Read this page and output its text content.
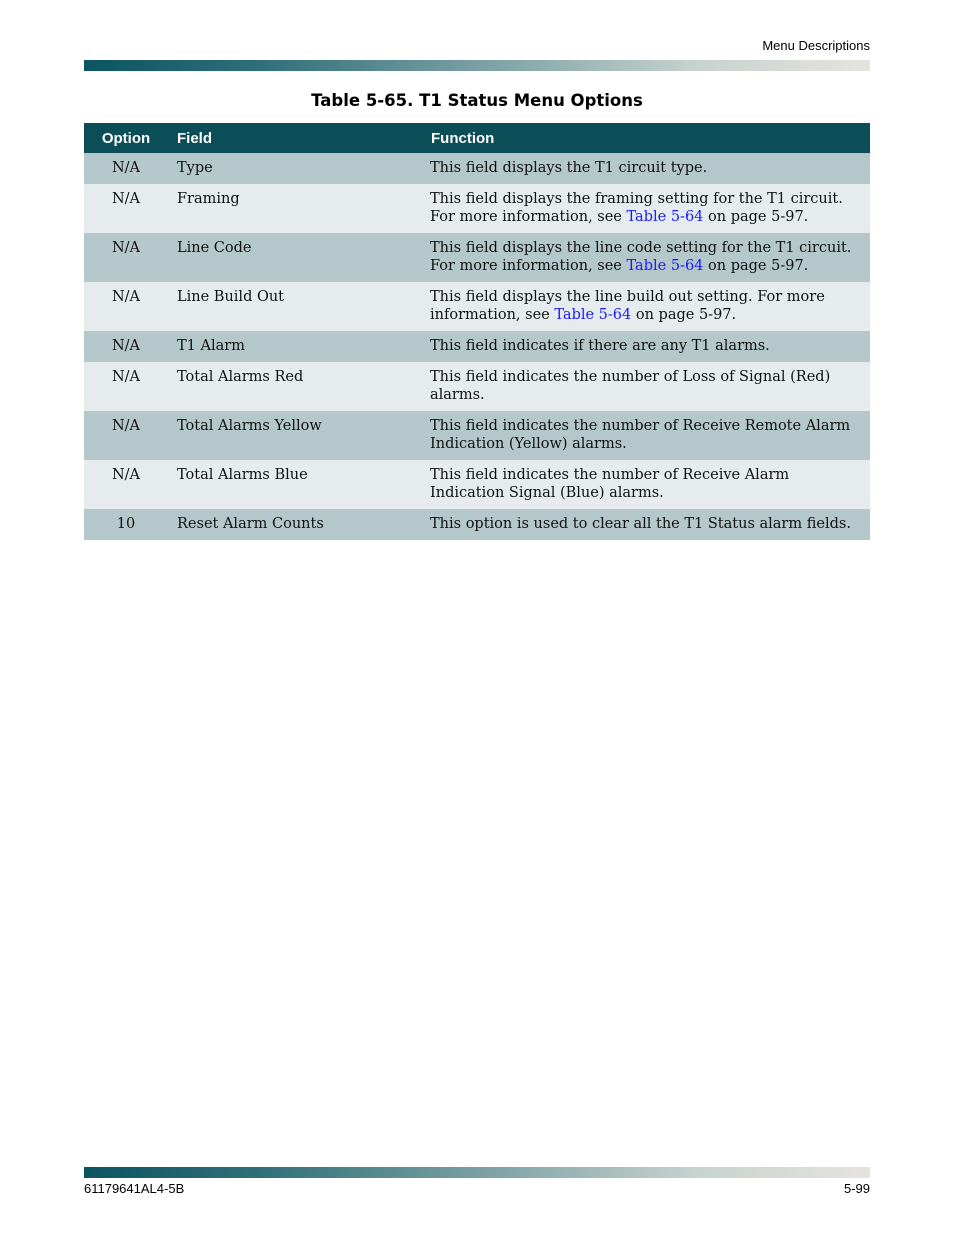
Menu Descriptions
Table 5-65. T1 Status Menu Options
Option	Field	Function
N/A	Type	This field displays the T1 circuit type.
N/A	Framing	This field displays the framing setting for the T1 circuit. For more information, see Table 5-64 on page 5-97.
N/A	Line Code	This field displays the line code setting for the T1 circuit. For more information, see Table 5-64 on page 5-97.
N/A	Line Build Out	This field displays the line build out setting. For more information, see Table 5-64 on page 5-97.
N/A	T1 Alarm	This field indicates if there are any T1 alarms.
N/A	Total Alarms Red	This field indicates the number of Loss of Signal (Red) alarms.
N/A	Total Alarms Yellow	This field indicates the number of Receive Remote Alarm Indication (Yellow) alarms.
N/A	Total Alarms Blue	This field indicates the number of Receive Alarm Indication Signal (Blue) alarms.
10	Reset Alarm Counts	This option is used to clear all the T1 Status alarm fields.
61179641AL4-5B	5-99
